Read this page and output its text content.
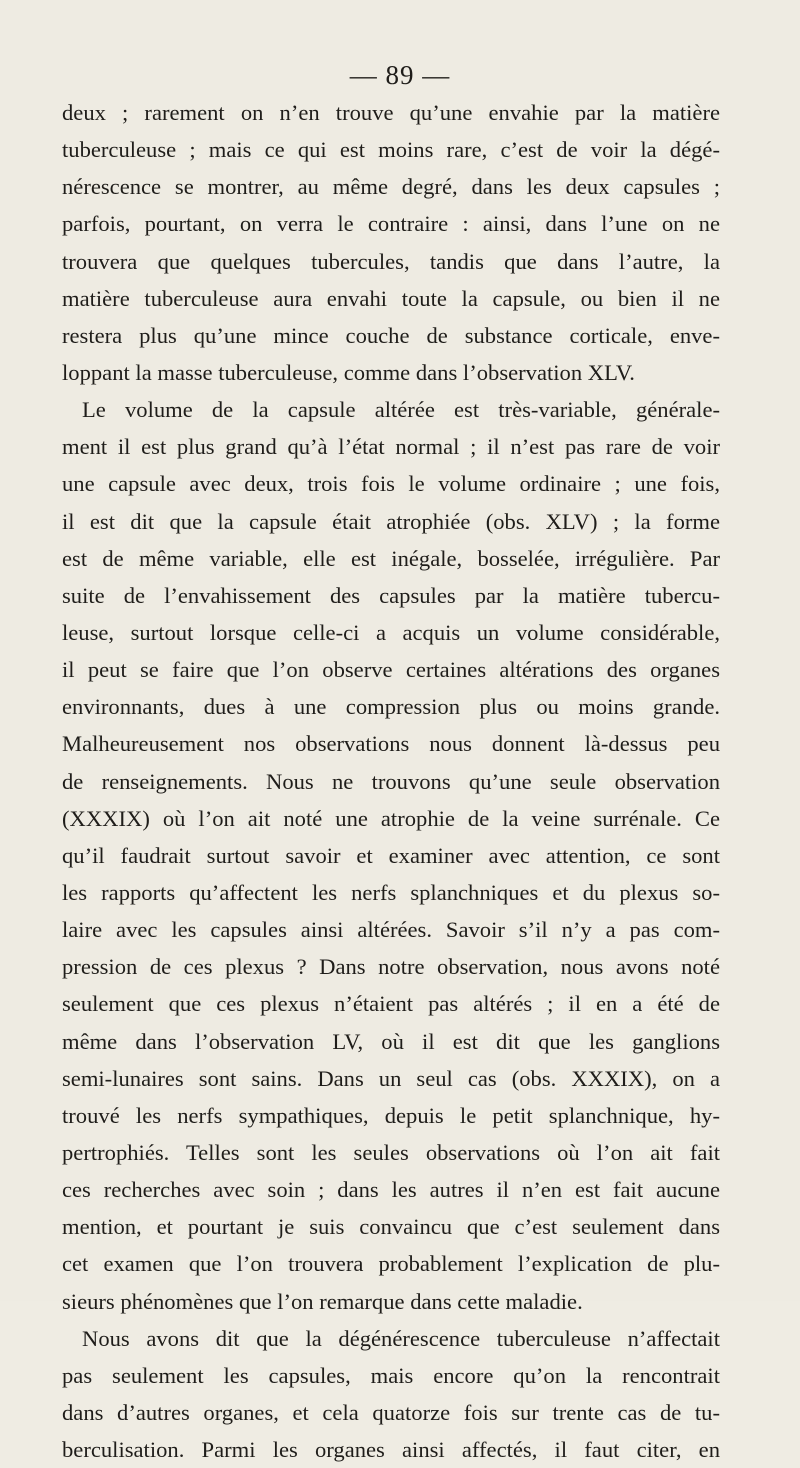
— 89 —
deux ; rarement on n’en trouve qu’une envahie par la matière
tuberculeuse ; mais ce qui est moins rare, c’est de voir la dégé-
nérescence se montrer, au même degré, dans les deux capsules ;
parfois, pourtant, on verra le contraire : ainsi, dans l’une on ne
trouvera que quelques tubercules, tandis que dans l’autre, la
matière tuberculeuse aura envahi toute la capsule, ou bien il ne
restera plus qu’une mince couche de substance corticale, enve-
loppant la masse tuberculeuse, comme dans l’observation XLV.
Le volume de la capsule altérée est très-variable, générale-
ment il est plus grand qu’à l’état normal ; il n’est pas rare de voir
une capsule avec deux, trois fois le volume ordinaire ; une fois,
il est dit que la capsule était atrophiée (obs. XLV) ; la forme
est de même variable, elle est inégale, bosselée, irrégulière. Par
suite de l’envahissement des capsules par la matière tubercu-
leuse, surtout lorsque celle-ci a acquis un volume considérable,
il peut se faire que l’on observe certaines altérations des organes
environnants, dues à une compression plus ou moins grande.
Malheureusement nos observations nous donnent là-dessus peu
de renseignements. Nous ne trouvons qu’une seule observation
(XXXIX) où l’on ait noté une atrophie de la veine surrénale. Ce
qu’il faudrait surtout savoir et examiner avec attention, ce sont
les rapports qu’affectent les nerfs splanchniques et du plexus so-
laire avec les capsules ainsi altérées. Savoir s’il n’y a pas com-
pression de ces plexus ? Dans notre observation, nous avons noté
seulement que ces plexus n’étaient pas altérés ; il en a été de
même dans l’observation LV, où il est dit que les ganglions
semi-lunaires sont sains. Dans un seul cas (obs. XXXIX), on a
trouvé les nerfs sympathiques, depuis le petit splanchnique, hy-
pertrophiés. Telles sont les seules observations où l’on ait fait
ces recherches avec soin ; dans les autres il n’en est fait aucune
mention, et pourtant je suis convaincu que c’est seulement dans
cet examen que l’on trouvera probablement l’explication de plu-
sieurs phénomènes que l’on remarque dans cette maladie.
Nous avons dit que la dégénérescence tuberculeuse n’affectait
pas seulement les capsules, mais encore qu’on la rencontrait
dans d’autres organes, et cela quatorze fois sur trente cas de tu-
berculisation. Parmi les organes ainsi affectés, il faut citer, en
